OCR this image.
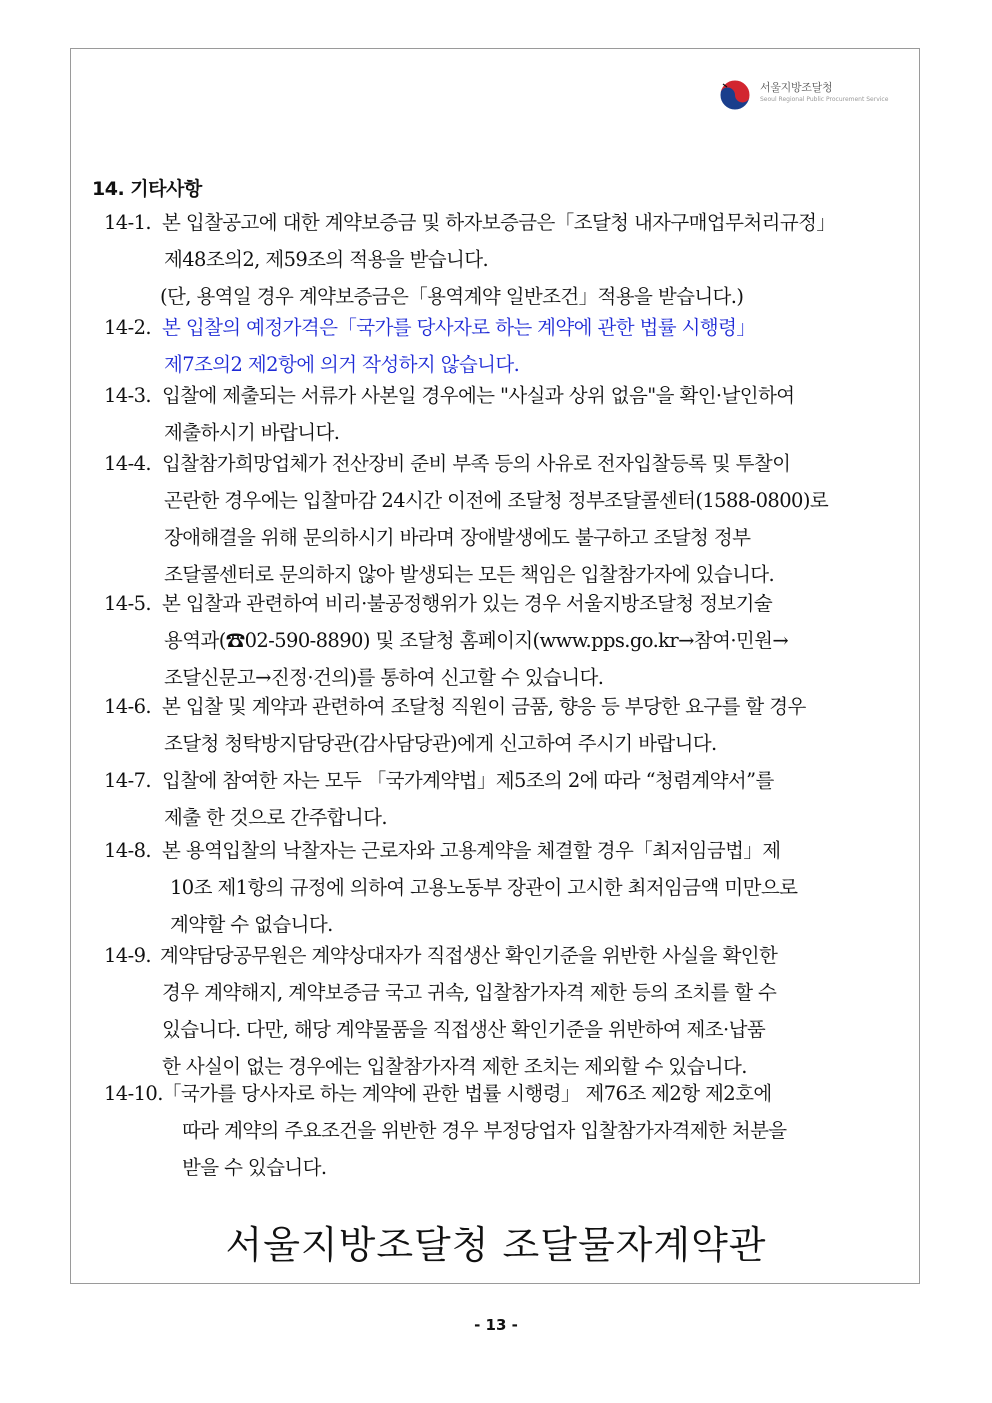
서울지방조달청
Seoul Regional Public Procurement Service
14. 기타사항
14-1. 본 입찰공고에 대한 계약보증금 및 하자보증금은「조달청 내자구매업무처리규정」
제48조의2, 제59조의 적용을 받습니다.
(단, 용역일 경우 계약보증금은「용역계약 일반조건」적용을 받습니다.)
14-2. 본 입찰의 예정가격은「국가를 당사자로 하는 계약에 관한 법률 시행령」
제7조의2 제2항에 의거 작성하지 않습니다.
14-3. 입찰에 제출되는 서류가 사본일 경우에는 "사실과 상위 없음"을 확인·날인하여
제출하시기 바랍니다.
14-4. 입찰참가희망업체가 전산장비 준비 부족 등의 사유로 전자입찰등록 및 투찰이
곤란한 경우에는 입찰마감 24시간 이전에 조달청 정부조달콜센터(1588-0800)로
장애해결을 위해 문의하시기 바라며 장애발생에도 불구하고 조달청 정부
조달콜센터로 문의하지 않아 발생되는 모든 책임은 입찰참가자에 있습니다.
14-5. 본 입찰과 관련하여 비리·불공정행위가 있는 경우 서울지방조달청 정보기술
용역과(☎02-590-8890) 및 조달청 홈페이지(www.pps.go.kr→참여·민원→
조달신문고→진정·건의)를 통하여 신고할 수 있습니다.
14-6. 본 입찰 및 계약과 관련하여 조달청 직원이 금품, 향응 등 부당한 요구를 할 경우
조달청 청탁방지담당관(감사담당관)에게 신고하여 주시기 바랍니다.
14-7. 입찰에 참여한 자는 모두 「국가계약법」제5조의 2에 따라 “청렴계약서”를
제출 한 것으로 간주합니다.
14-8. 본 용역입찰의 낙찰자는 근로자와 고용계약을 체결할 경우「최저임금법」제
10조 제1항의 규정에 의하여 고용노동부 장관이 고시한 최저임금액 미만으로
계약할 수 없습니다.
14-9. 계약담당공무원은 계약상대자가 직접생산 확인기준을 위반한 사실을 확인한
경우 계약해지, 계약보증금 국고 귀속, 입찰참가자격 제한 등의 조치를 할 수
있습니다. 다만, 해당 계약물품을 직접생산 확인기준을 위반하여 제조·납품
한 사실이 없는 경우에는 입찰참가자격 제한 조치는 제외할 수 있습니다.
14-10. 「국가를 당사자로 하는 계약에 관한 법률 시행령」 제76조 제2항 제2호에
따라 계약의 주요조건을 위반한 경우 부정당업자 입찰참가자격제한 처분을
받을 수 있습니다.
서울지방조달청 조달물자계약관
- 13 -
